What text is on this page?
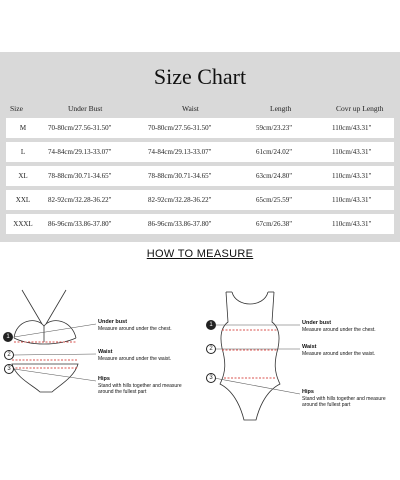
Size Chart
Size	Under Bust	Waist	Length	Covr up Length
M	70-80cm/27.56-31.50"	70-80cm/27.56-31.50"	59cm/23.23"	110cm/43.31"
L	74-84cm/29.13-33.07"	74-84cm/29.13-33.07"	61cm/24.02"	110cm/43.31"
XL	78-88cm/30.71-34.65"	78-88cm/30.71-34.65"	63cm/24.80"	110cm/43.31"
XXL	82-92cm/32.28-36.22"	82-92cm/32.28-36.22"	65cm/25.59"	110cm/43.31"
XXXL	86-96cm/33.86-37.80"	86-96cm/33.86-37.80"	67cm/26.38"	110cm/43.31"
HOW TO MEASURE
1
2
3
1
2
3
Under bust
Measure around under the chest.
Waist
Measure around under the waist.
Hips
Stand with hills together and measure around the fullest part
Under bust
Measure around under the chest.
Waist
Measure around under the waist.
Hips
Stand with hills together and measure around the fullest part
